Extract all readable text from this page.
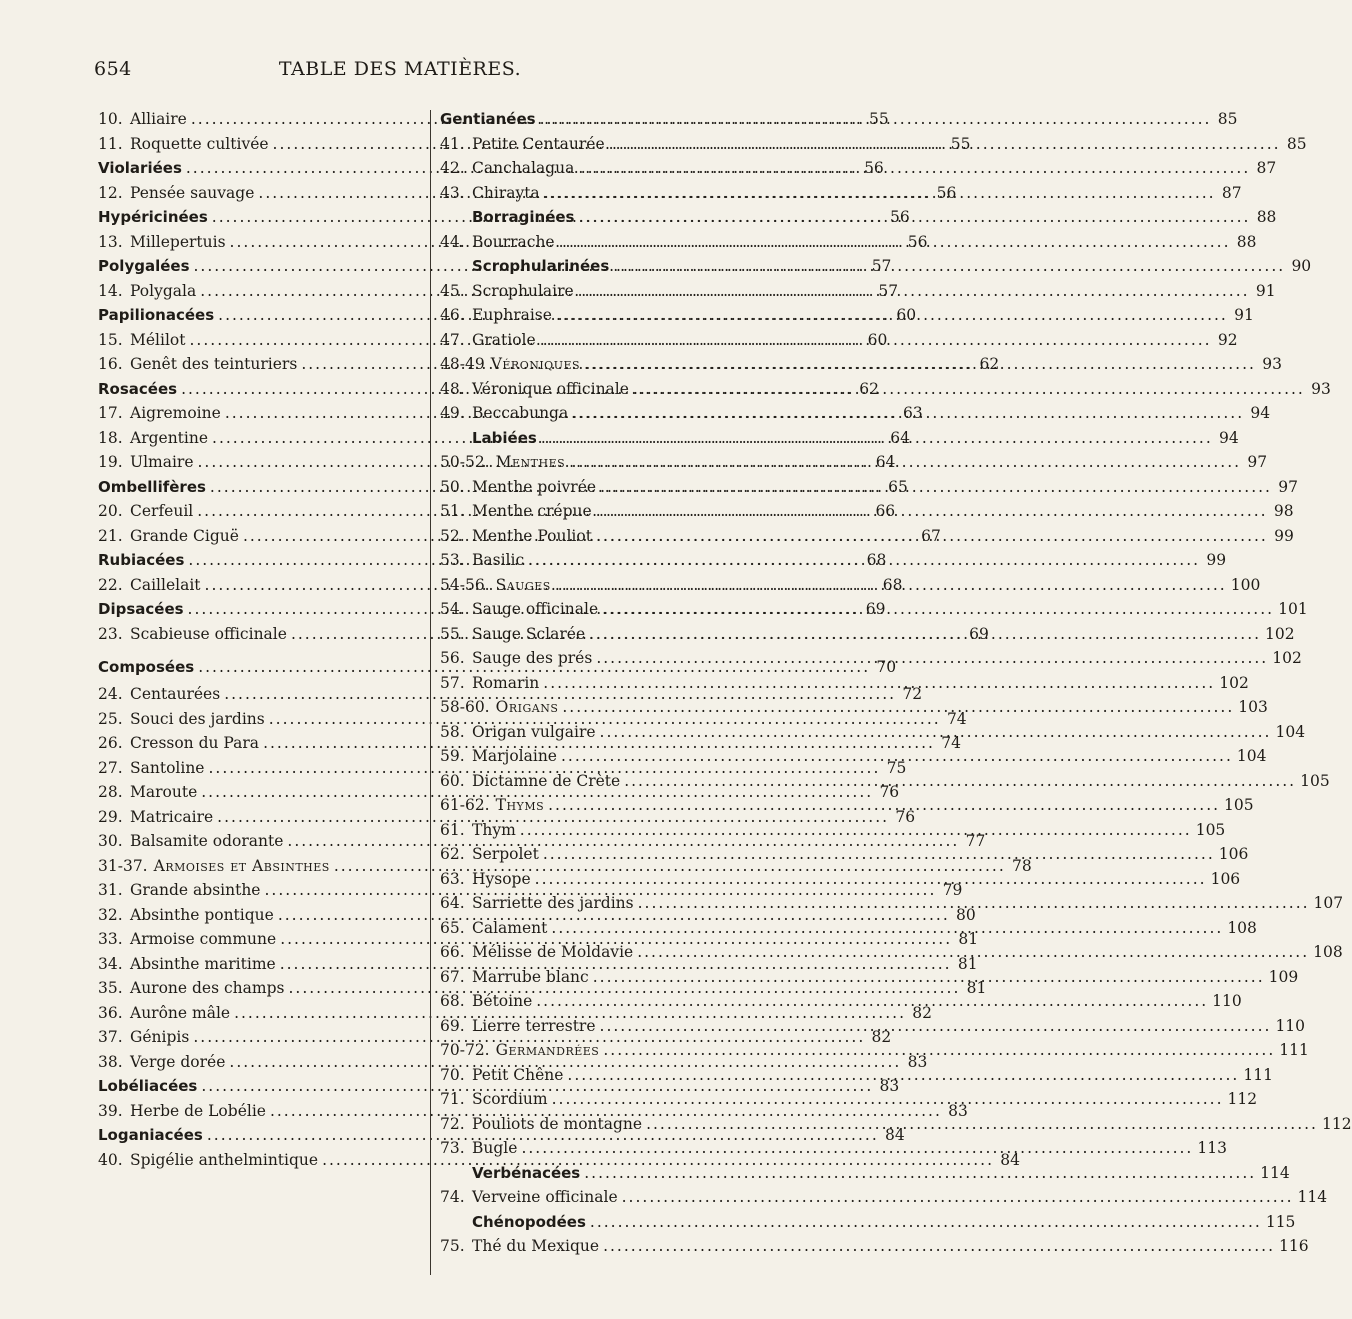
654	TABLE DES MATIÈRES.
10. Alliaire .....	55
11. Roquette cultivée .....	55
Violariées .....	56
12. Pensée sauvage .....	56
Hypéricinées .....	56
13. Millepertuis .....	56
Polygalées .....	57
14. Polygala .....	57
Papilionacées .....	60
15. Mélilot .....	60
16. Genêt des teinturiers .....	62
Rosacées .....	62
17. Aigremoine .....	63
18. Argentine .....	64
19. Ulmaire .....	64
Ombellifères .....	65
20. Cerfeuil .....	66
21. Grande Ciguë .....	67
Rubiacées .....	68
22. Caillelait .....	68
Dipsacées .....	69
23. Scabieuse officinale .....	69
Composées .....	70
24. Centaurées .....	72
25. Souci des jardins .....	74
26. Cresson du Para .....	74
27. Santoline .....	75
28. Maroute .....	76
29. Matricaire .....	76
30. Balsamite odorante .....	77
31-37. Armoises et Absinthes .....	78
31. Grande absinthe .....	79
32. Absinthe pontique .....	80
33. Armoise commune .....	81
34. Absinthe maritime .....	81
35. Aurone des champs .....	81
36. Aurône mâle .....	82
37. Génipis .....	82
38. Verge dorée .....	83
Lobéliacées .....	83
39. Herbe de Lobélie .....	83
Loganiacées .....	84
40. Spigélie anthelmintique .....	84
Gentianées .....	85
41. Petite Centaurée .....	85
42. Canchalagua .....	87
43. Chirayta .....	87
Borraginées .....	88
44. Bourrache .....	88
Scrophularinées .....	90
45. Scrophulaire .....	91
46. Euphraise .....	91
47. Gratiole .....	92
48-49 Véroniques .....	93
48. Véronique officinale .....	93
49. Beccabunga .....	94
Labiées .....	94
50-52. Menthes .....	97
50. Menthe poivrée .....	97
51. Menthe crépue .....	98
52. Menthe Pouliot .....	99
53. Basilic .....	99
54-56. Sauges .....	100
54. Sauge officinale .....	101
55. Sauge Sclarée .....	102
56. Sauge des prés .....	102
57. Romarin .....	102
58-60. Origans .....	103
58. Origan vulgaire .....	104
59. Marjolaine .....	104
60. Dictamne de Crète .....	105
61-62. Thyms .....	105
61. Thym .....	105
62. Serpolet .....	106
63. Hysope .....	106
64. Sarriette des jardins .....	107
65. Calament .....	108
66. Mélisse de Moldavie .....	108
67. Marrube blanc .....	109
68. Bétoine .....	110
69. Lierre terrestre .....	110
70-72. Germandrées .....	111
70. Petit Chêne .....	111
71. Scordium .....	112
72. Pouliots de montagne .....	112
73. Bugle .....	113
Verbénacées .....	114
74. Verveine officinale .....	114
Chénopodées .....	115
75. Thé du Mexique .....	116
